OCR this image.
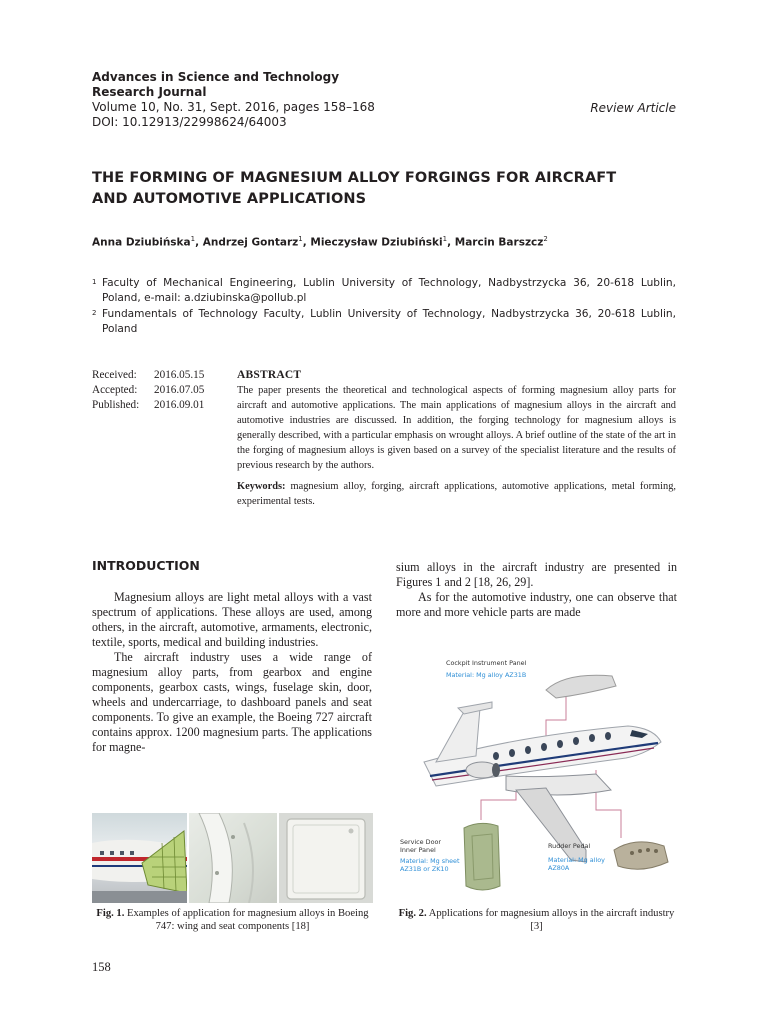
Advances in Science and Technology
Research Journal
Volume 10, No. 31, Sept. 2016, pages 158–168
DOI: 10.12913/22998624/64003
Review Article
THE FORMING OF MAGNESIUM ALLOY FORGINGS FOR AIRCRAFT
AND AUTOMOTIVE APPLICATIONS
Anna Dziubińska$^1$, Andrzej Gontarz$^1$, Mieczysław Dziubiński$^1$, Marcin Barszcz$^2$
1 Faculty of Mechanical Engineering, Lublin University of Technology, Nadbystrzycka 36, 20-618 Lublin, Poland, e-mail: a.dziubinska@pollub.pl
2 Fundamentals of Technology Faculty, Lublin University of Technology, Nadbystrzycka 36, 20-618 Lublin, Poland
Received:	2016.05.15
Accepted:	2016.07.05
Published:	2016.09.01
ABSTRACT
The paper presents the theoretical and technological aspects of forming magnesium alloy parts for aircraft and automotive applications. The main applications of magnesium alloys in the aircraft and automotive industries are discussed. In addition, the forging technology for magnesium alloys is generally described, with a particular emphasis on wrought alloys. A brief outline of the state of the art in the forging of magnesium alloys is given based on a survey of the specialist literature and the results of previous research by the authors.
Keywords: magnesium alloy, forging, aircraft applications, automotive applications, metal forming, experimental tests.
INTRODUCTION

Magnesium alloys are light metal alloys with a vast spectrum of applications. These alloys are used, among others, in the aircraft, automotive, armaments, electronic, textile, sports, medical and building industries.

The aircraft industry uses a wide range of magnesium alloy parts, from gearbox and engine components, gearbox casts, wings, fuselage skin, door, wheels and undercarriage, to dashboard panels and seat components. To give an example, the Boeing 727 aircraft contains approx. 1200 magnesium parts. The applications for magne-

sium alloys in the aircraft industry are presented in Figures 1 and 2 [18, 26, 29].

As for the automotive industry, one can observe that more and more vehicle parts are made

Fig. 1. Examples of application for magnesium alloys in Boeing 747: wing and seat components [18]
Cockpit Instrument Panel
Material: Mg alloy AZ31B
Service Door
Inner Panel
Material: Mg sheet
AZ31B or ZK10
Rudder Pedal
Material: Mg alloy
AZ80A
Fig. 2. Applications for magnesium alloys in the aircraft industry [3]
158
